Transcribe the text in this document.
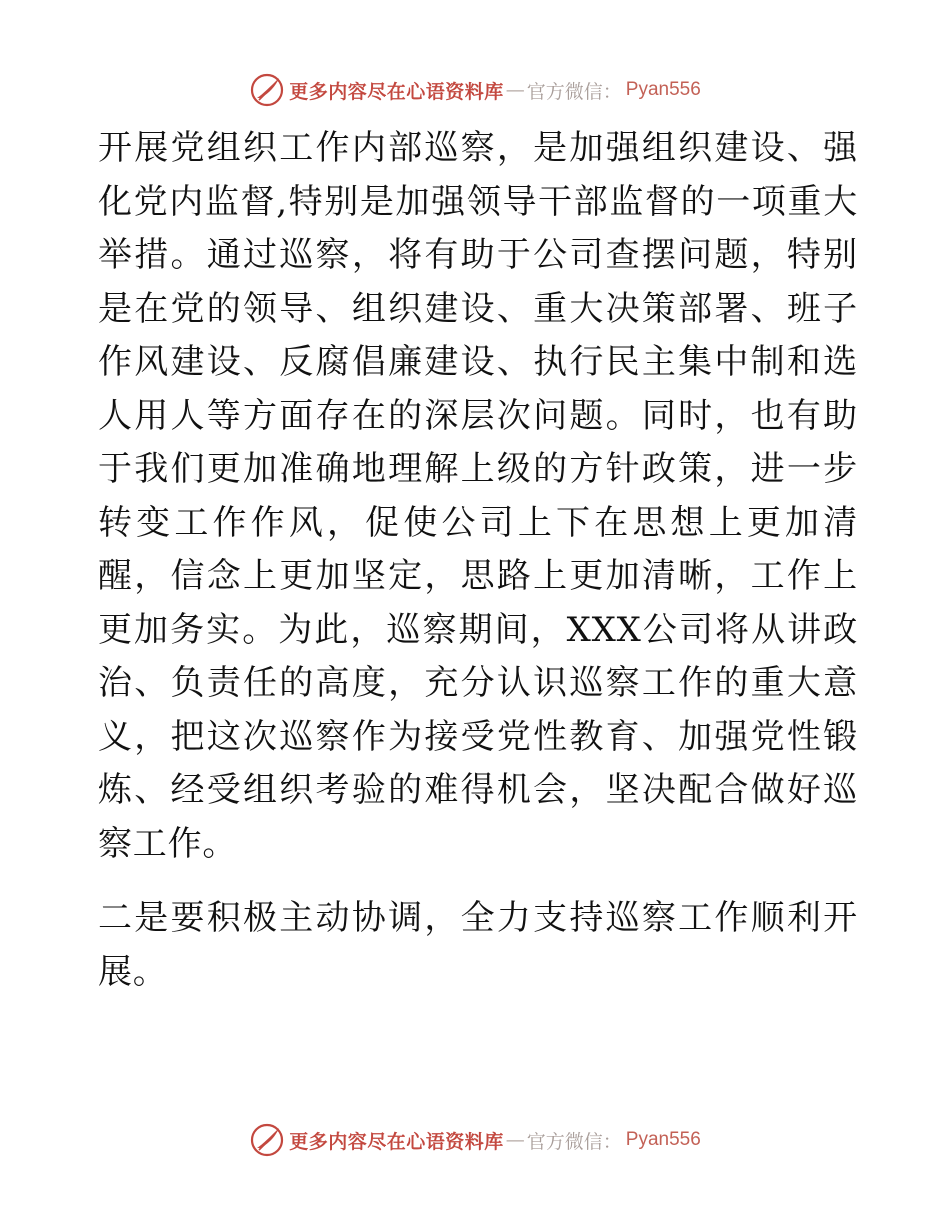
更多内容尽在心语资料库 — 官方微信 ： Pyan556

开展党组织工作内部巡察，是加强组织建设、强化党内监督,特别是加强领导干部监督的一项重大举措。通过巡察，将有助于公司查摆问题，特别是在党的领导、组织建设、重大决策部署、班子作风建设、反腐倡廉建设、执行民主集中制和选人用人等方面存在的深层次问题。同时，也有助于我们更加准确地理解上级的方针政策，进一步转变工作作风，促使公司上下在思想上更加清醒，信念上更加坚定，思路上更加清晰，工作上更加务实。为此，巡察期间，XXX公司将从讲政治、负责任的高度，充分认识巡察工作的重大意义，把这次巡察作为接受党性教育、加强党性锻炼、经受组织考验的难得机会，坚决配合做好巡察工作。

二是要积极主动协调，全力支持巡察工作顺利开展。

更多内容尽在心语资料库 — 官方微信 ： Pyan556
